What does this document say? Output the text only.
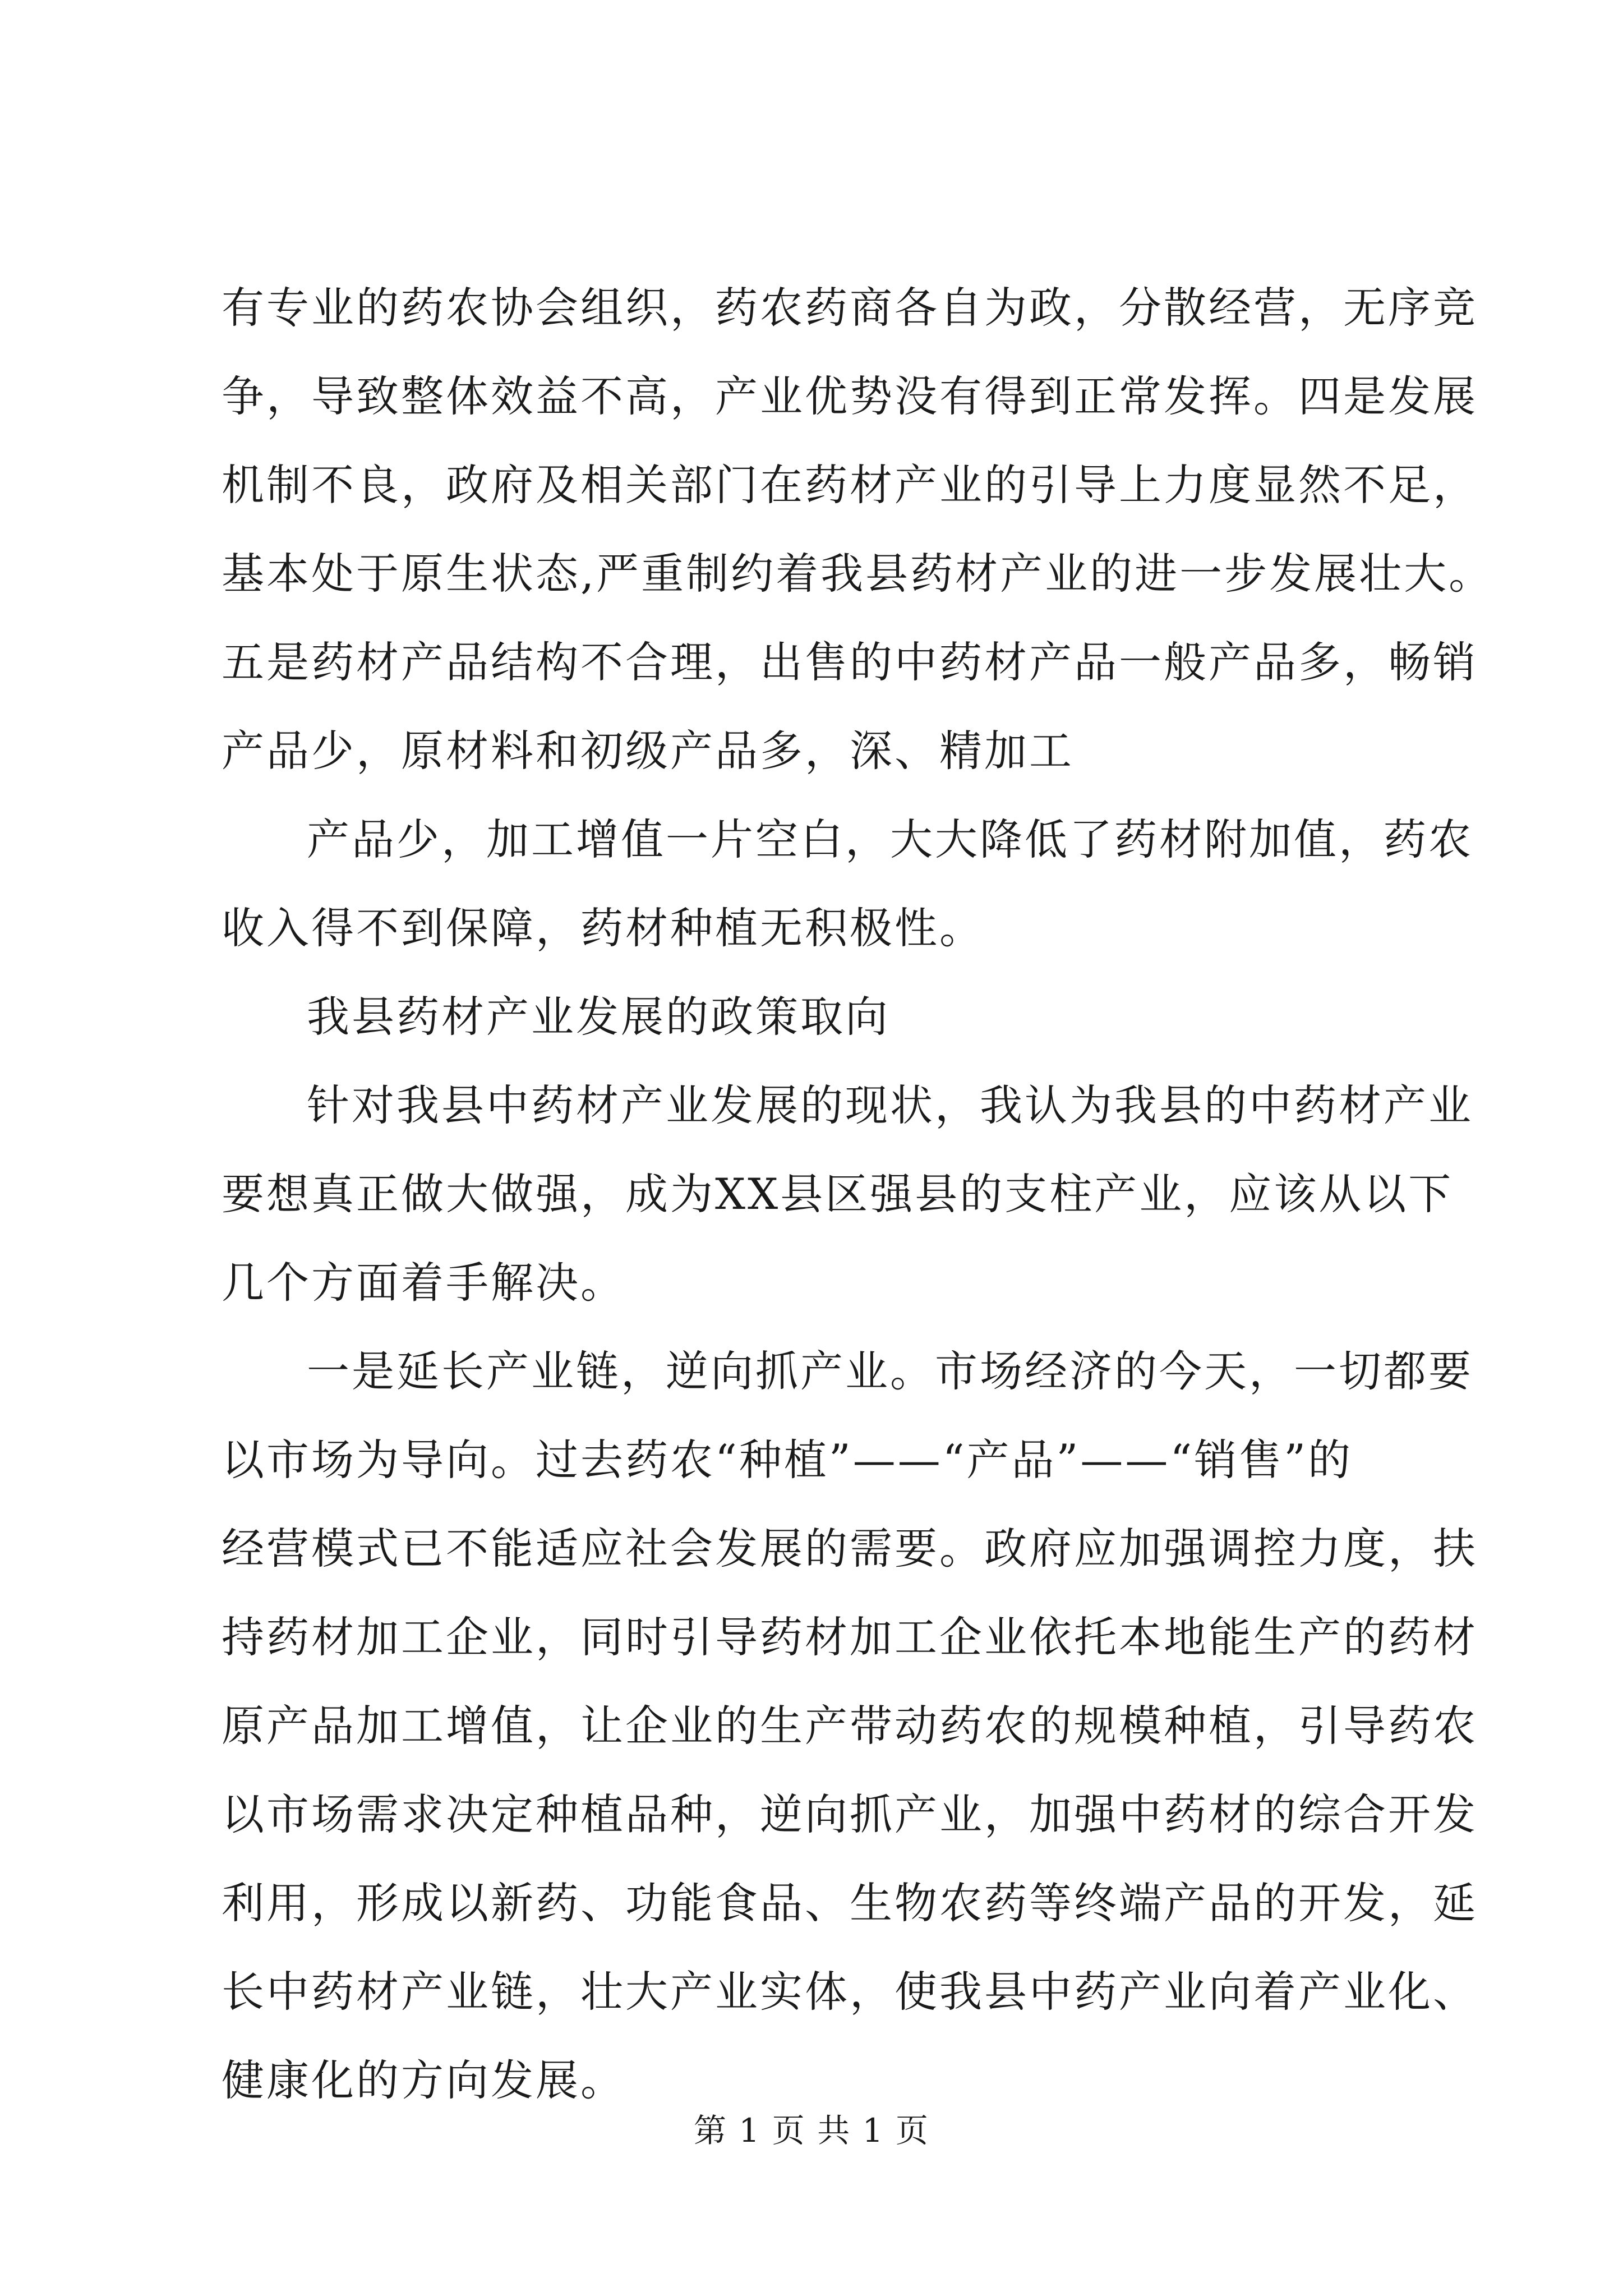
有专业的药农协会组织，药农药商各自为政，分散经营，无序竞
争，导致整体效益不高，产业优势没有得到正常发挥。四是发展
机制不良，政府及相关部门在药材产业的引导上力度显然不足，
基本处于原生状态,严重制约着我县药材产业的进一步发展壮大。
五是药材产品结构不合理，出售的中药材产品一般产品多，畅销
产品少，原材料和初级产品多，深、精加工
产品少，加工增值一片空白，大大降低了药材附加值，药农
收入得不到保障，药材种植无积极性。
我县药材产业发展的政策取向
针对我县中药材产业发展的现状，我认为我县的中药材产业
要想真正做大做强，成为XX县区强县的支柱产业，应该从以下
几个方面着手解决。
一是延长产业链，逆向抓产业。市场经济的今天，一切都要
以市场为导向。过去药农“种植”——“产品”——“销售”的
经营模式已不能适应社会发展的需要。政府应加强调控力度，扶
持药材加工企业，同时引导药材加工企业依托本地能生产的药材
原产品加工增值，让企业的生产带动药农的规模种植，引导药农
以市场需求决定种植品种，逆向抓产业，加强中药材的综合开发
利用，形成以新药、功能食品、生物农药等终端产品的开发，延
长中药材产业链，壮大产业实体，使我县中药产业向着产业化、
健康化的方向发展。
第 1 页 共 1 页
